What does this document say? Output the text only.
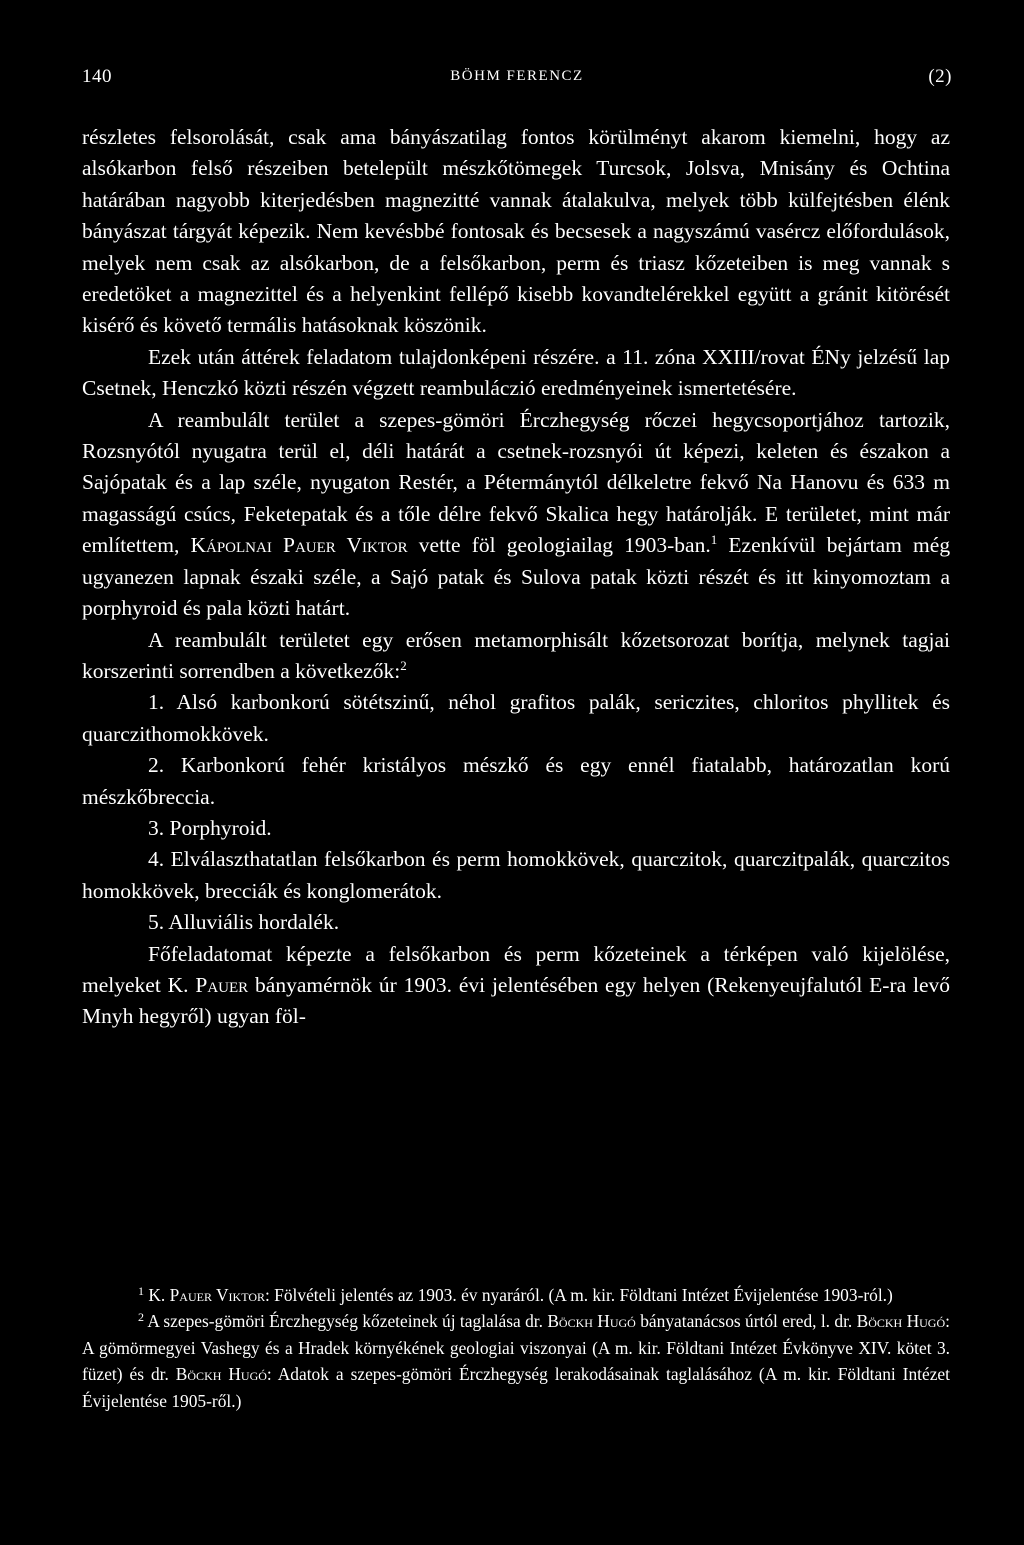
140	BÖHM FERENCZ	(2)

részletes felsorolását, csak ama bányászatilag fontos körülményt akarom kiemelni, hogy az alsókarbon felső részeiben betelepült mészkőtömegek Turcsok, Jolsva, Mnisány és Ochtina határában nagyobb kiterjedésben magnezitté vannak átalakulva, melyek több külfejtésben élénk bányászat tárgyát képezik. Nem kevésbbé fontosak és becsesek a nagyszámú vasércz előfordulások, melyek nem csak az alsókarbon, de a felsőkarbon, perm és triasz kőzeteiben is meg vannak s eredetöket a magnezittel és a helyenkint fellépő kisebb kovandtelérekkel együtt a gránit kitörését kisérő és követő termális hatásoknak köszönik.

Ezek után áttérek feladatom tulajdonképeni részére. a 11. zóna XXIII/rovat ÉNy jelzésű lap Csetnek, Henczkó közti részén végzett reambuláczió eredményeinek ismertetésére.

A reambulált terület a szepes-gömöri Érczhegység rőczei hegycsoportjához tartozik, Rozsnyótól nyugatra terül el, déli határát a csetnek-rozsnyói út képezi, keleten és északon a Sajópatak és a lap széle, nyugaton Restér, a Pétermánytól délkeletre fekvő Na Hanovu és 633 m magasságú csúcs, Feketepatak és a tőle délre fekvő Skalica hegy határolják. E területet, mint már említettem, Kápolnai Pauer Viktor vette föl geologiailag 1903-ban.$^1$ Ezenkívül bejártam még ugyanezen lapnak északi széle, a Sajó patak és Sulova patak közti részét és itt kinyomoztam a porphyroid és pala közti határt.

A reambulált területet egy erősen metamorphisált kőzetsorozat borítja, melynek tagjai korszerinti sorrendben a következők:$^2$

1. Alsó karbonkorú sötétszinű, néhol grafitos palák, sericzites, chloritos phyllitek és quarczithomokkövek.

2. Karbonkorú fehér kristályos mészkő és egy ennél fiatalabb, határozatlan korú mészkőbreccia.

3. Porphyroid.

4. Elválaszthatatlan felsőkarbon és perm homokkövek, quarczitok, quarczitpalák, quarczitos homokkövek, brecciák és konglomerátok.

5. Alluviális hordalék.

Főfeladatomat képezte a felsőkarbon és perm kőzeteinek a térképen való kijelölése, melyeket K. Pauer bányamérnök úr 1903. évi jelentésében egy helyen (Rekenyeujfalutól E-ra levő Mnyh hegyről) ugyan föl-

$^1$ K. Pauer Viktor: Fölvételi jelentés az 1903. év nyaráról. (A m. kir. Földtani Intézet Évijelentése 1903-ról.)

$^2$ A szepes-gömöri Érczhegység kőzeteinek új taglalása dr. Böckh Hugó bányatanácsos úrtól ered, l. dr. Böckh Hugó: A gömörmegyei Vashegy és a Hradek környékének geologiai viszonyai (A m. kir. Földtani Intézet Évkönyve XIV. kötet 3. füzet) és dr. Böckh Hugó: Adatok a szepes-gömöri Érczhegység lerakodásainak taglalásához (A m. kir. Földtani Intézet Évijelentése 1905-ről.)
